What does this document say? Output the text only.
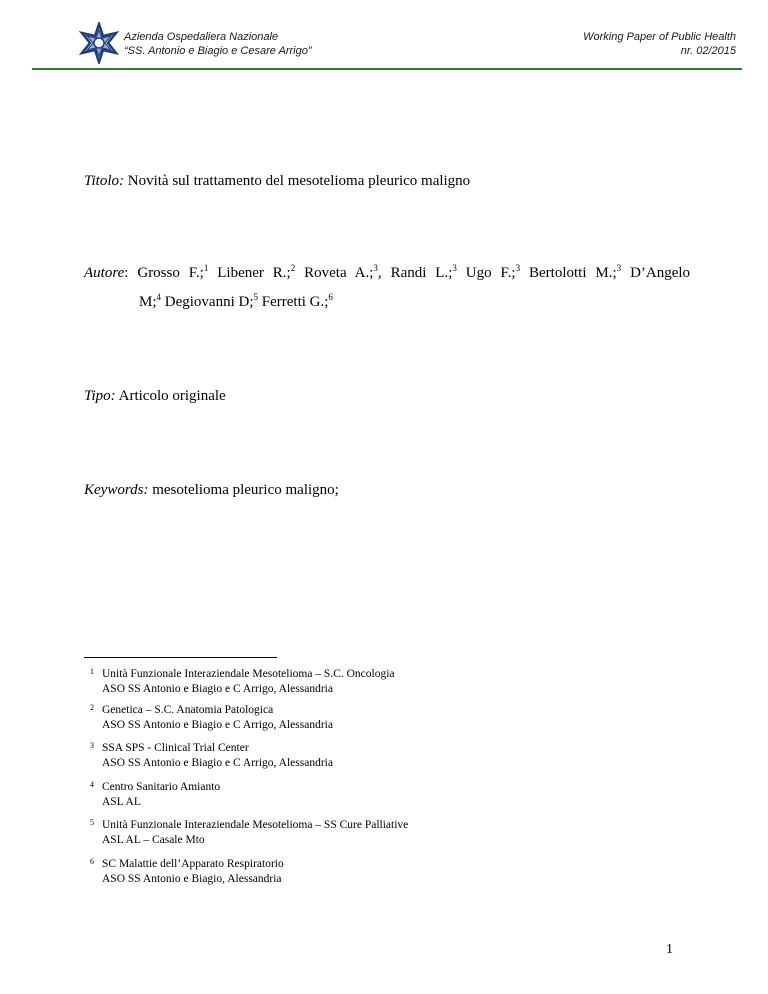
Azienda Ospedaliera Nazionale
“SS. Antonio e Biagio e Cesare Arrigo”
Working Paper of Public Health
nr. 02/2015
Titolo: Novità sul trattamento del mesotelioma pleurico maligno
Autore: Grosso F.;$^1$ Libener R.;$^2$ Roveta A.;$^3$, Randi L.;$^3$ Ugo F.;$^3$ Bertolotti M.;$^3$ D’Angelo
M;$^4$ Degiovanni D;$^5$ Ferretti G.;$^6$
Tipo: Articolo originale
Keywords: mesotelioma pleurico maligno;
1 Unità Funzionale Interaziendale Mesotelioma – S.C. Oncologia
ASO SS Antonio e Biagio e C Arrigo, Alessandria
2 Genetica – S.C. Anatomia Patologica
ASO SS Antonio e Biagio e C Arrigo, Alessandria
3 SSA SPS - Clinical Trial Center
ASO SS Antonio e Biagio e C Arrigo, Alessandria
4 Centro Sanitario Amianto
ASL AL
5 Unità Funzionale Interaziendale Mesotelioma – SS Cure Palliative
ASL AL – Casale Mto
6 SC Malattie dell’Apparato Respiratorio
ASO SS Antonio e Biagio, Alessandria
1
